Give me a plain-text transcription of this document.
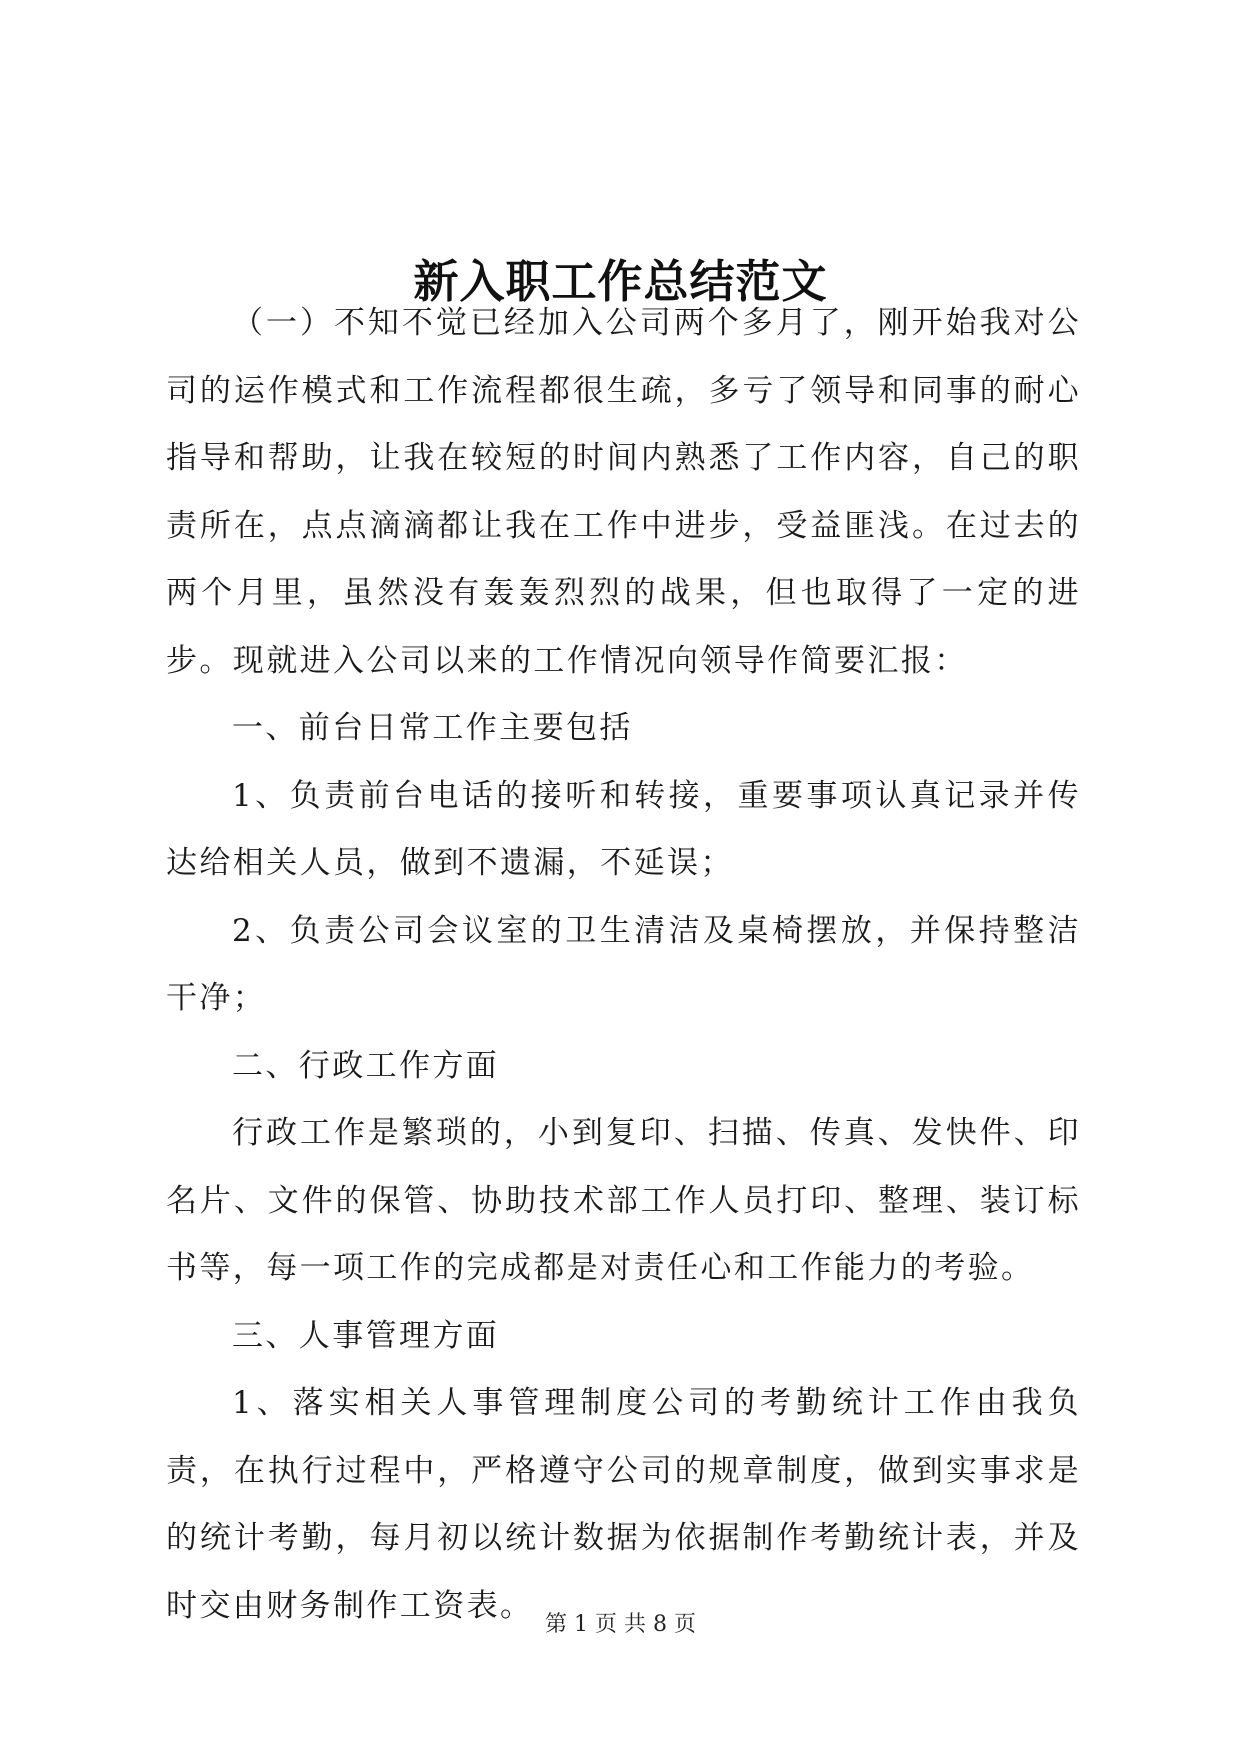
新入职工作总结范文

（一）不知不觉已经加入公司两个多月了，刚开始我对公司的运作模式和工作流程都很生疏，多亏了领导和同事的耐心指导和帮助，让我在较短的时间内熟悉了工作内容，自己的职责所在，点点滴滴都让我在工作中进步，受益匪浅。在过去的两个月里，虽然没有轰轰烈烈的战果，但也取得了一定的进步。现就进入公司以来的工作情况向领导作简要汇报：

一、前台日常工作主要包括

1、负责前台电话的接听和转接，重要事项认真记录并传达给相关人员，做到不遗漏，不延误；

2、负责公司会议室的卫生清洁及桌椅摆放，并保持整洁干净；

二、行政工作方面

行政工作是繁琐的，小到复印、扫描、传真、发快件、印名片、文件的保管、协助技术部工作人员打印、整理、装订标书等，每一项工作的完成都是对责任心和工作能力的考验。

三、人事管理方面

1、落实相关人事管理制度公司的考勤统计工作由我负责，在执行过程中，严格遵守公司的规章制度，做到实事求是的统计考勤，每月初以统计数据为依据制作考勤统计表，并及时交由财务制作工资表。

第 1 页 共 8 页
